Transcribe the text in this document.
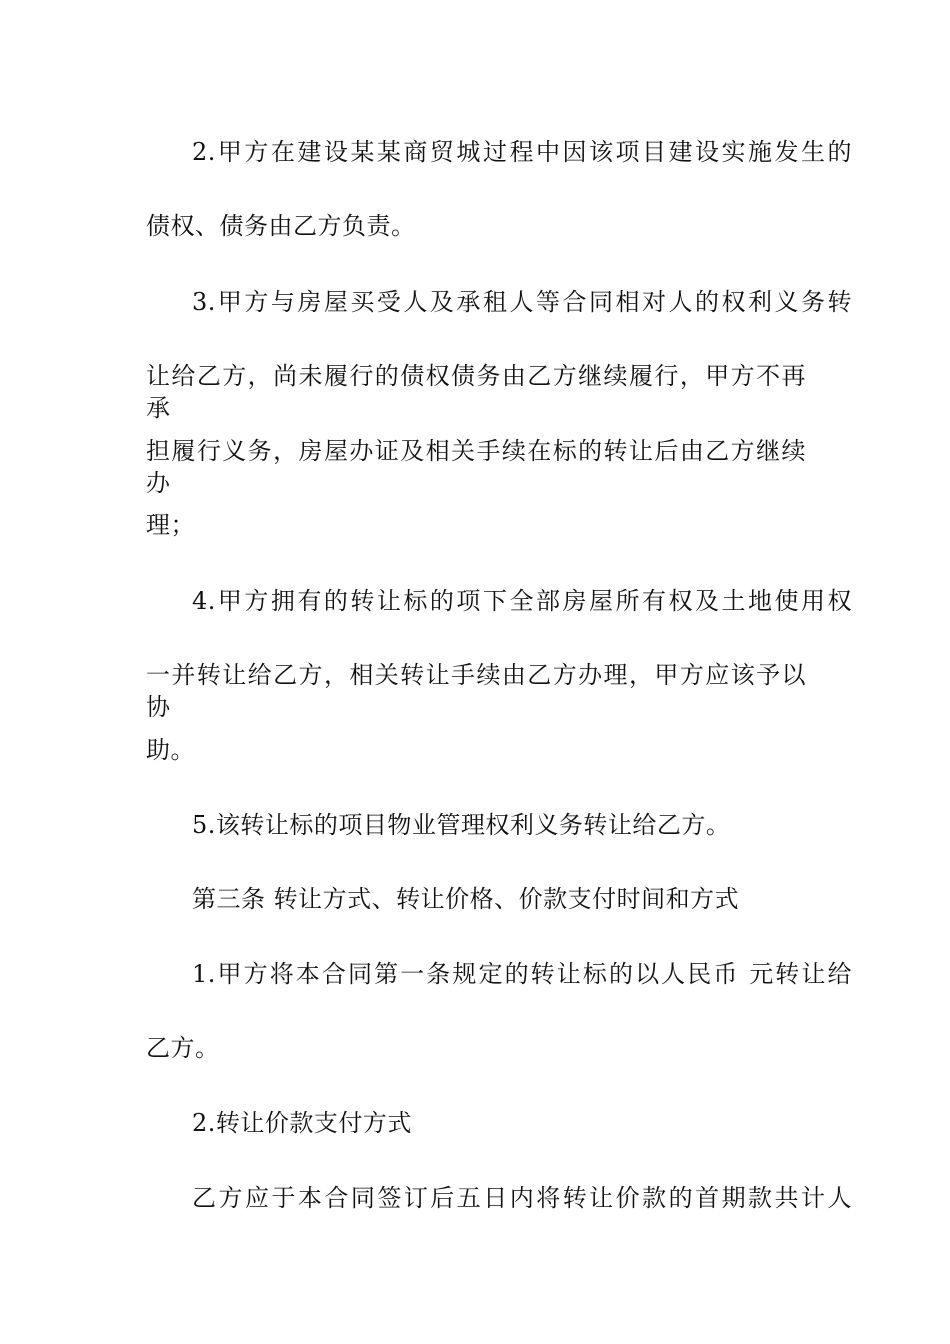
2.甲方在建设某某商贸城过程中因该项目建设实施发生的
债权、债务由乙方负责。
3.甲方与房屋买受人及承租人等合同相对人的权利义务转
让给乙方，尚未履行的债权债务由乙方继续履行，甲方不再承
担履行义务，房屋办证及相关手续在标的转让后由乙方继续办
理；
4.甲方拥有的转让标的项下全部房屋所有权及土地使用权
一并转让给乙方，相关转让手续由乙方办理，甲方应该予以协
助。
5.该转让标的项目物业管理权利义务转让给乙方。
第三条 转让方式、转让价格、价款支付时间和方式
1.甲方将本合同第一条规定的转让标的以人民币 元转让给
乙方。
2.转让价款支付方式
乙方应于本合同签订后五日内将转让价款的首期款共计人
